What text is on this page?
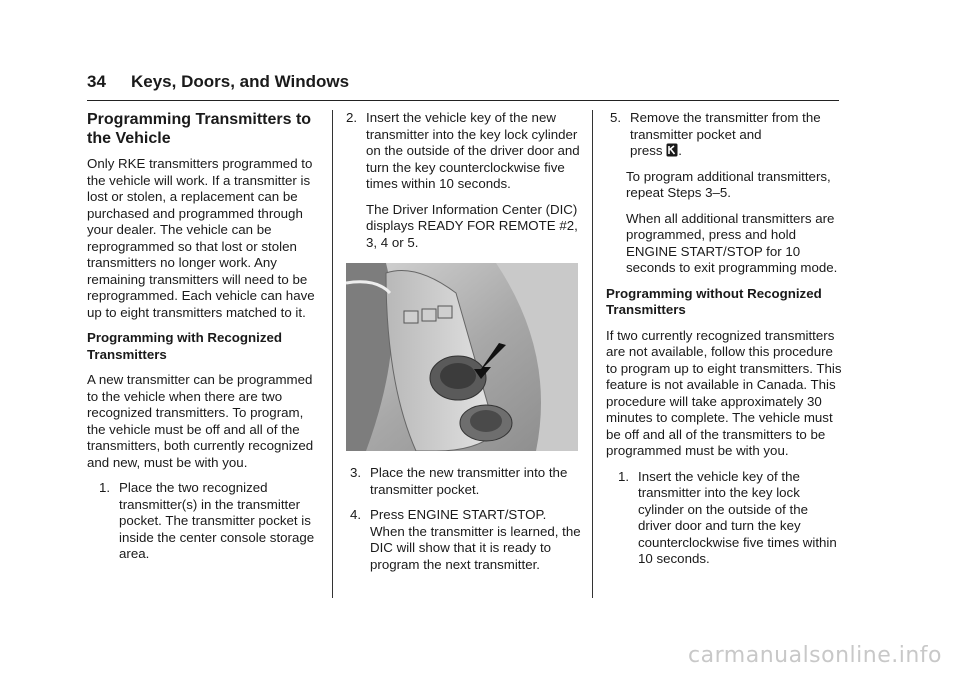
34 Keys, Doors, and Windows
Programming Transmitters to the Vehicle

Only RKE transmitters programmed to the vehicle will work. If a transmitter is lost or stolen, a replacement can be purchased and programmed through your dealer. The vehicle can be reprogrammed so that lost or stolen transmitters no longer work. Any remaining transmitters will need to be reprogrammed. Each vehicle can have up to eight transmitters matched to it.

Programming with Recognized Transmitters

A new transmitter can be programmed to the vehicle when there are two recognized transmitters. To program, the vehicle must be off and all of the transmitters, both currently recognized and new, must be with you.

1. Place the two recognized transmitter(s) in the transmitter pocket. The transmitter pocket is inside the center console storage area.
2. Insert the vehicle key of the new transmitter into the key lock cylinder on the outside of the driver door and turn the key counterclockwise five times within 10 seconds.

The Driver Information Center (DIC) displays READY FOR REMOTE #2, 3, 4 or 5.

3. Place the new transmitter into the transmitter pocket.
4. Press ENGINE START/STOP. When the transmitter is learned, the DIC will show that it is ready to program the next transmitter.
5. Remove the transmitter from the transmitter pocket and
press .

To program additional transmitters, repeat Steps 3–5.

When all additional transmitters are programmed, press and hold ENGINE START/STOP for 10 seconds to exit programming mode.

Programming without Recognized Transmitters

If two currently recognized transmitters are not available, follow this procedure to program up to eight transmitters. This feature is not available in Canada. This procedure will take approximately 30 minutes to complete. The vehicle must be off and all of the transmitters to be programmed must be with you.

1. Insert the vehicle key of the transmitter into the key lock cylinder on the outside of the driver door and turn the key counterclockwise five times within 10 seconds.
carmanualsonline.info
